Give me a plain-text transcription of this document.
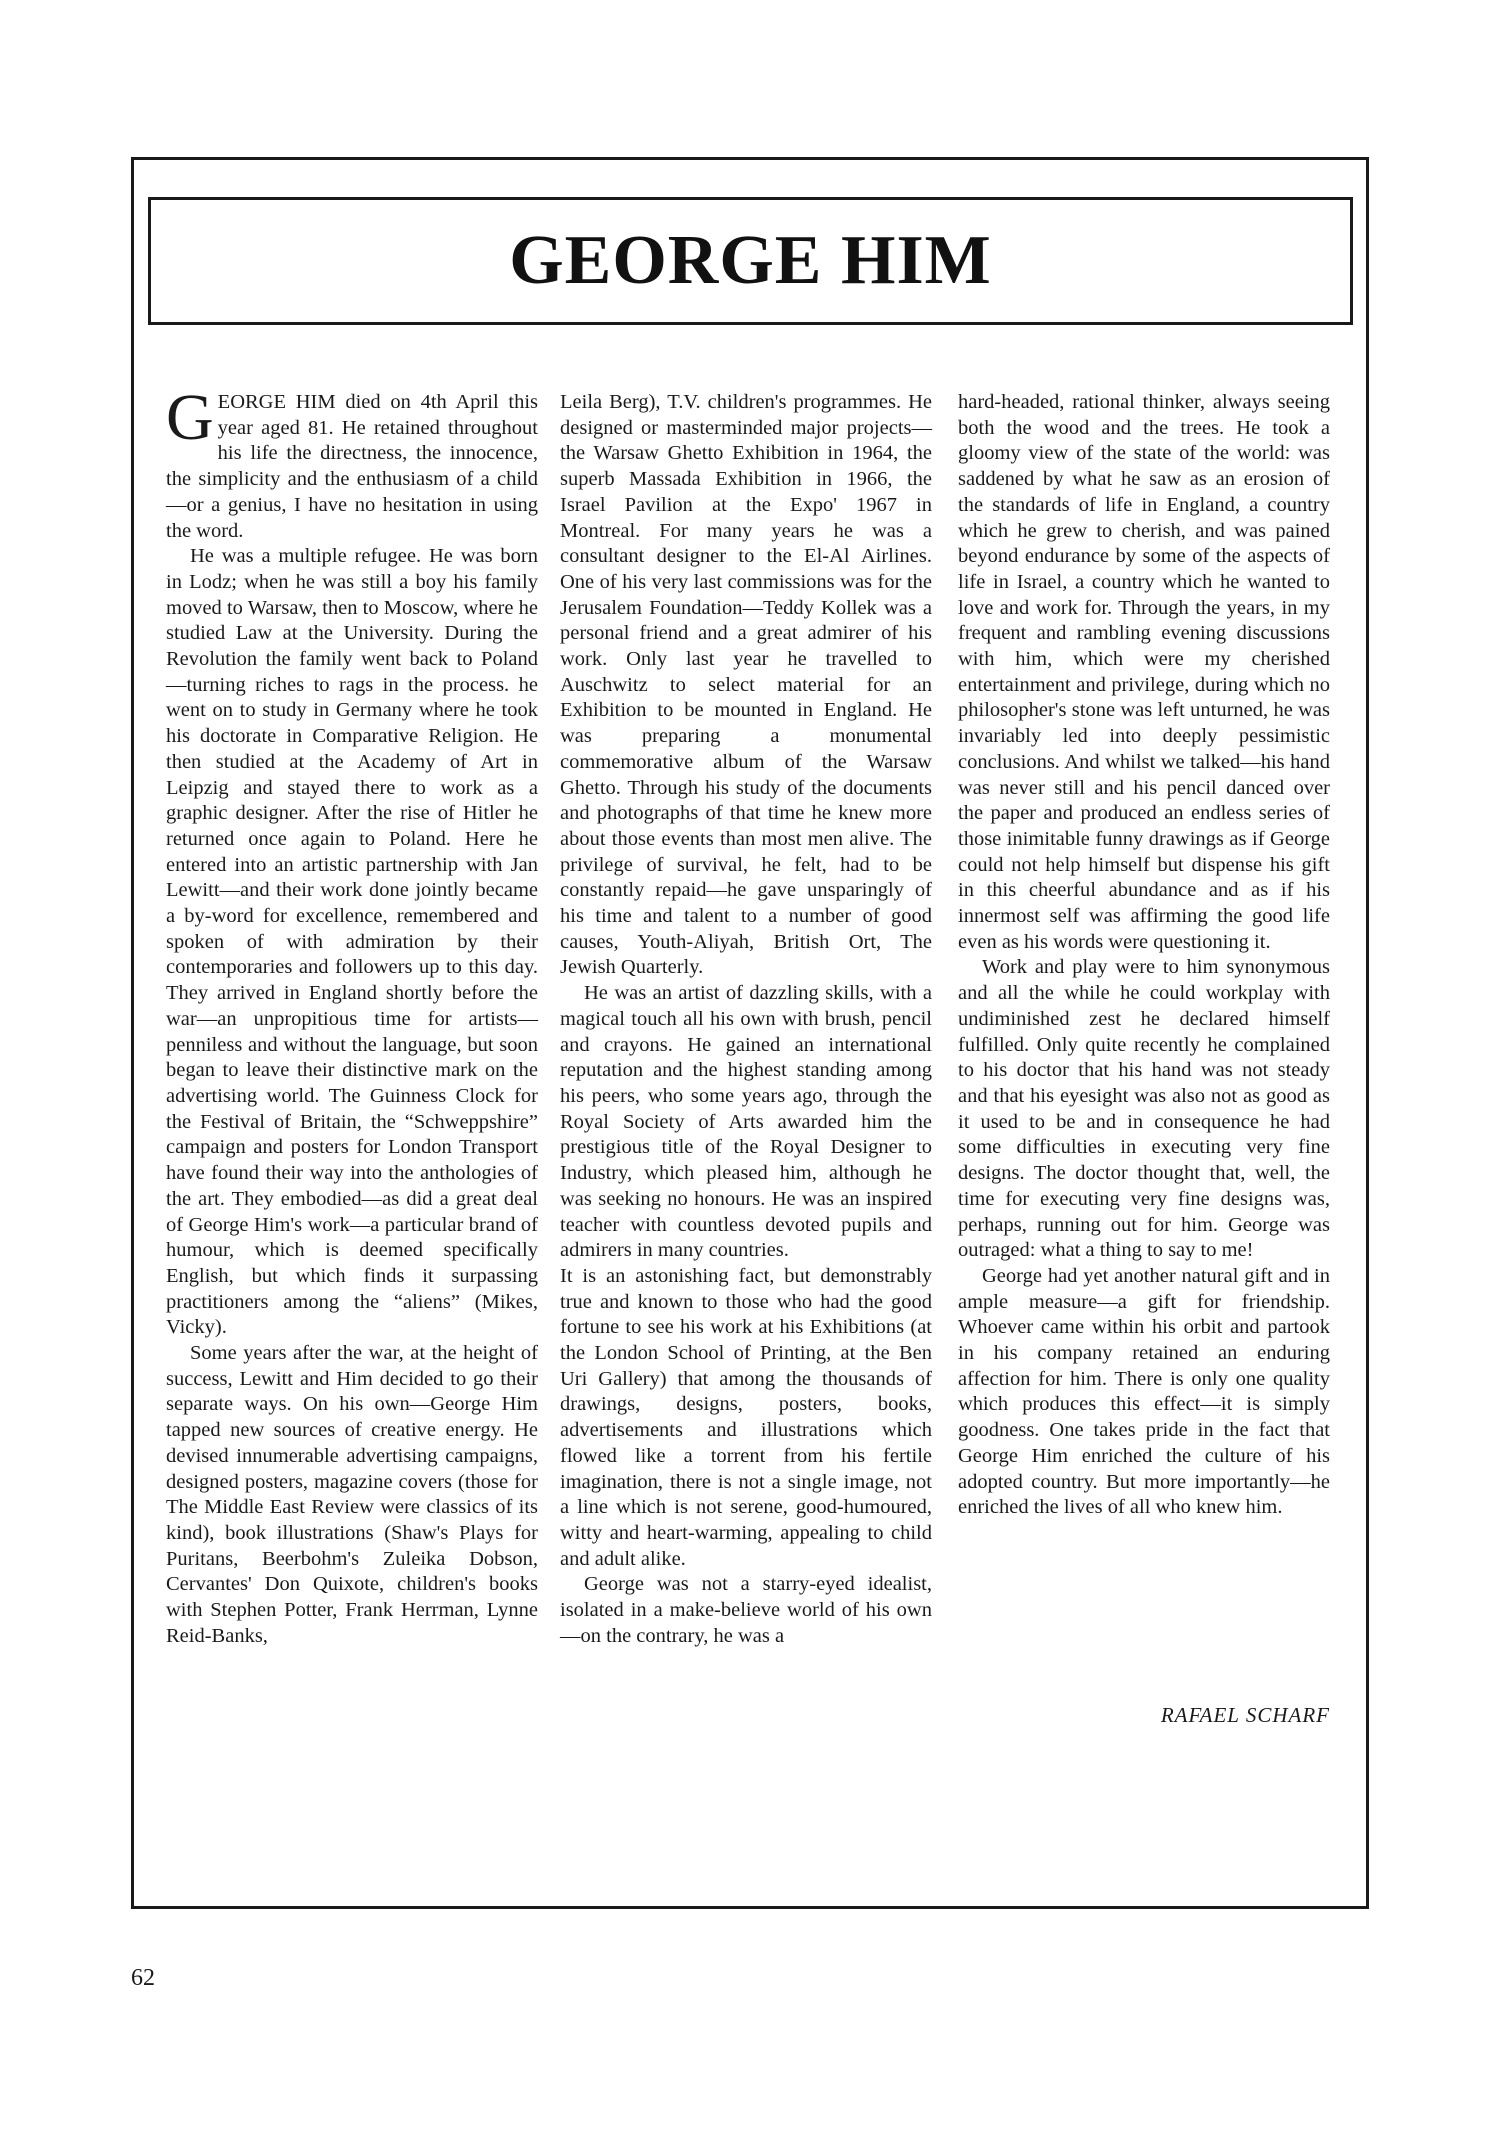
GEORGE HIM

GEORGE HIM died on 4th April this year aged 81. He retained throughout his life the directness, the innocence, the simplicity and the enthusiasm of a child—or a genius, I have no hesitation in using the word.

He was a multiple refugee. He was born in Lodz; when he was still a boy his family moved to Warsaw, then to Moscow, where he studied Law at the University. During the Revolution the family went back to Poland—turning riches to rags in the process. he went on to study in Germany where he took his doctorate in Comparative Religion. He then studied at the Academy of Art in Leipzig and stayed there to work as a graphic designer. After the rise of Hitler he returned once again to Poland. Here he entered into an artistic partnership with Jan Lewitt—and their work done jointly became a by-word for excellence, remembered and spoken of with admiration by their contemporaries and followers up to this day. They arrived in England shortly before the war—an unpropitious time for artists—penniless and without the language, but soon began to leave their distinctive mark on the advertising world. The Guinness Clock for the Festival of Britain, the “Schweppshire” campaign and posters for London Transport have found their way into the anthologies of the art. They embodied—as did a great deal of George Him's work—a particular brand of humour, which is deemed specifically English, but which finds it surpassing practitioners among the “aliens” (Mikes, Vicky).

Some years after the war, at the height of success, Lewitt and Him decided to go their separate ways. On his own—George Him tapped new sources of creative energy. He devised innumerable advertising campaigns, designed posters, magazine covers (those for The Middle East Review were classics of its kind), book illustrations (Shaw's Plays for Puritans, Beerbohm's Zuleika Dobson, Cervantes' Don Quixote, children's books with Stephen Potter, Frank Herrman, Lynne Reid-Banks,

Leila Berg), T.V. children's programmes. He designed or masterminded major projects—the Warsaw Ghetto Exhibition in 1964, the superb Massada Exhibition in 1966, the Israel Pavilion at the Expo' 1967 in Montreal. For many years he was a consultant designer to the El-Al Airlines. One of his very last commissions was for the Jerusalem Foundation—Teddy Kollek was a personal friend and a great admirer of his work. Only last year he travelled to Auschwitz to select material for an Exhibition to be mounted in England. He was preparing a monumental commemorative album of the Warsaw Ghetto. Through his study of the documents and photographs of that time he knew more about those events than most men alive. The privilege of survival, he felt, had to be constantly repaid—he gave unsparingly of his time and talent to a number of good causes, Youth-Aliyah, British Ort, The Jewish Quarterly.

He was an artist of dazzling skills, with a magical touch all his own with brush, pencil and crayons. He gained an international reputation and the highest standing among his peers, who some years ago, through the Royal Society of Arts awarded him the prestigious title of the Royal Designer to Industry, which pleased him, although he was seeking no honours. He was an inspired teacher with countless devoted pupils and admirers in many countries.

It is an astonishing fact, but demonstrably true and known to those who had the good fortune to see his work at his Exhibitions (at the London School of Printing, at the Ben Uri Gallery) that among the thousands of drawings, designs, posters, books, advertisements and illustrations which flowed like a torrent from his fertile imagination, there is not a single image, not a line which is not serene, good-humoured, witty and heart-warming, appealing to child and adult alike.

George was not a starry-eyed idealist, isolated in a make-believe world of his own—on the contrary, he was a

hard-headed, rational thinker, always seeing both the wood and the trees. He took a gloomy view of the state of the world: was saddened by what he saw as an erosion of the standards of life in England, a country which he grew to cherish, and was pained beyond endurance by some of the aspects of life in Israel, a country which he wanted to love and work for. Through the years, in my frequent and rambling evening discussions with him, which were my cherished entertainment and privilege, during which no philosopher's stone was left unturned, he was invariably led into deeply pessimistic conclusions. And whilst we talked—his hand was never still and his pencil danced over the paper and produced an endless series of those inimitable funny drawings as if George could not help himself but dispense his gift in this cheerful abundance and as if his innermost self was affirming the good life even as his words were questioning it.

Work and play were to him synonymous and all the while he could workplay with undiminished zest he declared himself fulfilled. Only quite recently he complained to his doctor that his hand was not steady and that his eyesight was also not as good as it used to be and in consequence he had some difficulties in executing very fine designs. The doctor thought that, well, the time for executing very fine designs was, perhaps, running out for him. George was outraged: what a thing to say to me!

George had yet another natural gift and in ample measure—a gift for friendship. Whoever came within his orbit and partook in his company retained an enduring affection for him. There is only one quality which produces this effect—it is simply goodness. One takes pride in the fact that George Him enriched the culture of his adopted country. But more importantly—he enriched the lives of all who knew him.

RAFAEL SCHARF
62
